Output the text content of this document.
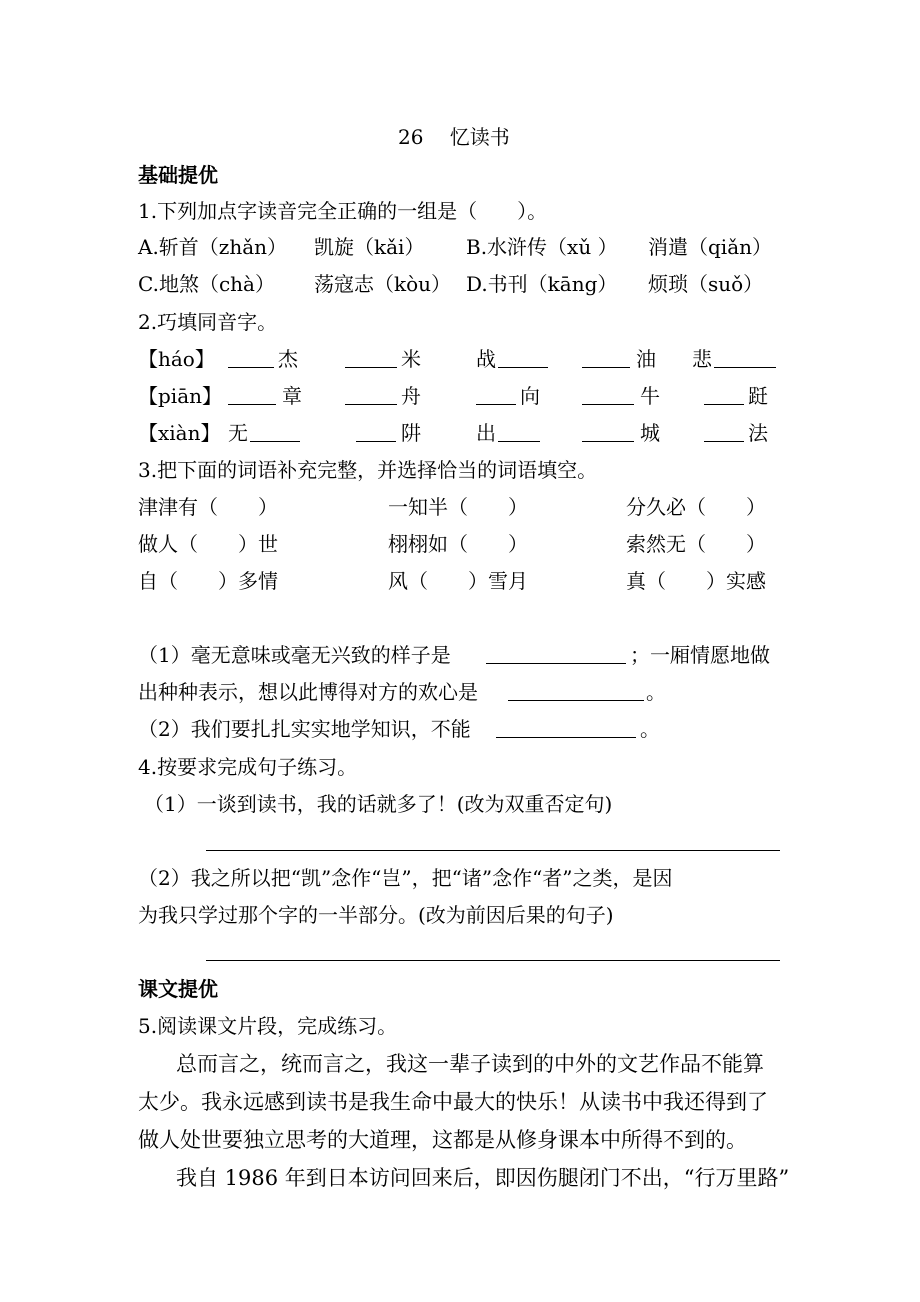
26　 忆读书
基础提优
1.下列加点字读音完全正确的一组是（　　）。
A.斩首（zhǎn） 凯旋（kǎi） B.水浒传（xǔ ） 消遣（qiǎn）
C.地煞（chà） 荡寇志（kòu） D.书刊（kāng） 烦琐（suǒ）
2.巧填同音字。
【háo】	杰	米	战	油 悲
【piān】	章	舟	向	牛	跹
【xiàn】 无	阱	出	城	法
3.把下面的词语补充完整，并选择恰当的词语填空。
津津有（　　）	一知半（　　）	分久必（　　）
做人（　　）世	栩栩如（　　）	索然无（　　）
自（　　）多情	风（　　）雪月	真（　　）实感
（1）毫无意味或毫无兴致的样子是	；一厢情愿地做
出种种表示，想以此博得对方的欢心是	。
（2）我们要扎扎实实地学知识，不能	。
4.按要求完成句子练习。
（1）一谈到读书，我的话就多了！(改为双重否定句)
（2）我之所以把“凯”念作“岂”，把“诸”念作“者”之类，是因
为我只学过那个字的一半部分。(改为前因后果的句子)
课文提优
5.阅读课文片段，完成练习。
总而言之，统而言之，我这一辈子读到的中外的文艺作品不能算
太少。我永远感到读书是我生命中最大的快乐！从读书中我还得到了
做人处世要独立思考的大道理，这都是从修身课本中所得不到的。
我自 1986 年到日本访问回来后，即因伤腿闭门不出，“行万里路”
